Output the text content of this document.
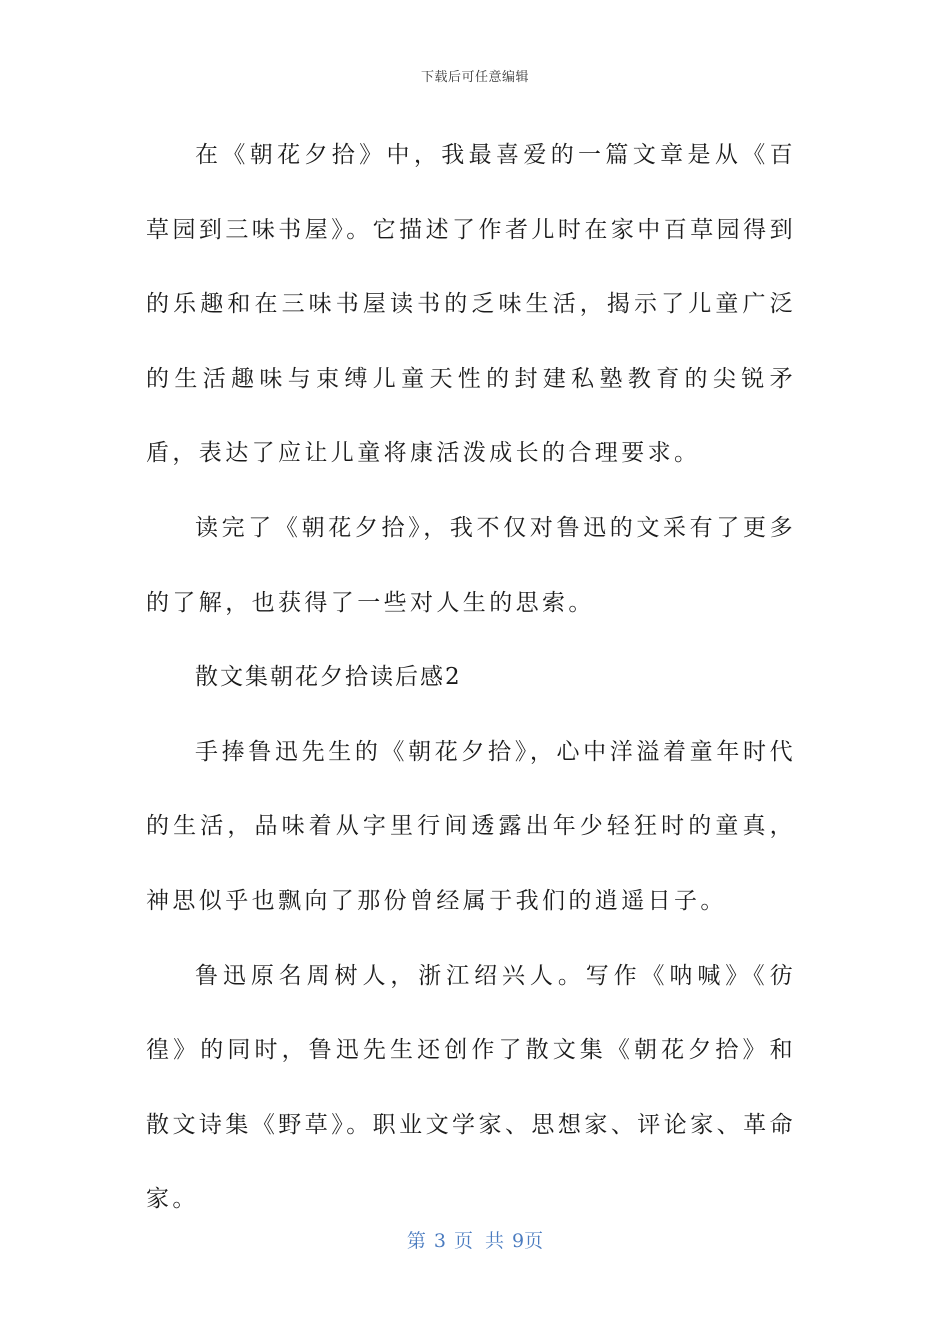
下载后可任意编辑

在《朝花夕拾》中，我最喜爱的一篇文章是从《百草园到三味书屋》。它描述了作者儿时在家中百草园得到的乐趣和在三味书屋读书的乏味生活，揭示了儿童广泛的生活趣味与束缚儿童天性的封建私塾教育的尖锐矛盾，表达了应让儿童将康活泼成长的合理要求。

读完了《朝花夕拾》，我不仅对鲁迅的文采有了更多的了解，也获得了一些对人生的思索。

散文集朝花夕拾读后感2

手捧鲁迅先生的《朝花夕拾》，心中洋溢着童年时代的生活，品味着从字里行间透露出年少轻狂时的童真，神思似乎也飘向了那份曾经属于我们的逍遥日子。

鲁迅原名周树人，浙江绍兴人。写作《呐喊》《彷徨》的同时，鲁迅先生还创作了散文集《朝花夕拾》和散文诗集《野草》。职业文学家、思想家、评论家、革命家。

第 3 页 共 9页
